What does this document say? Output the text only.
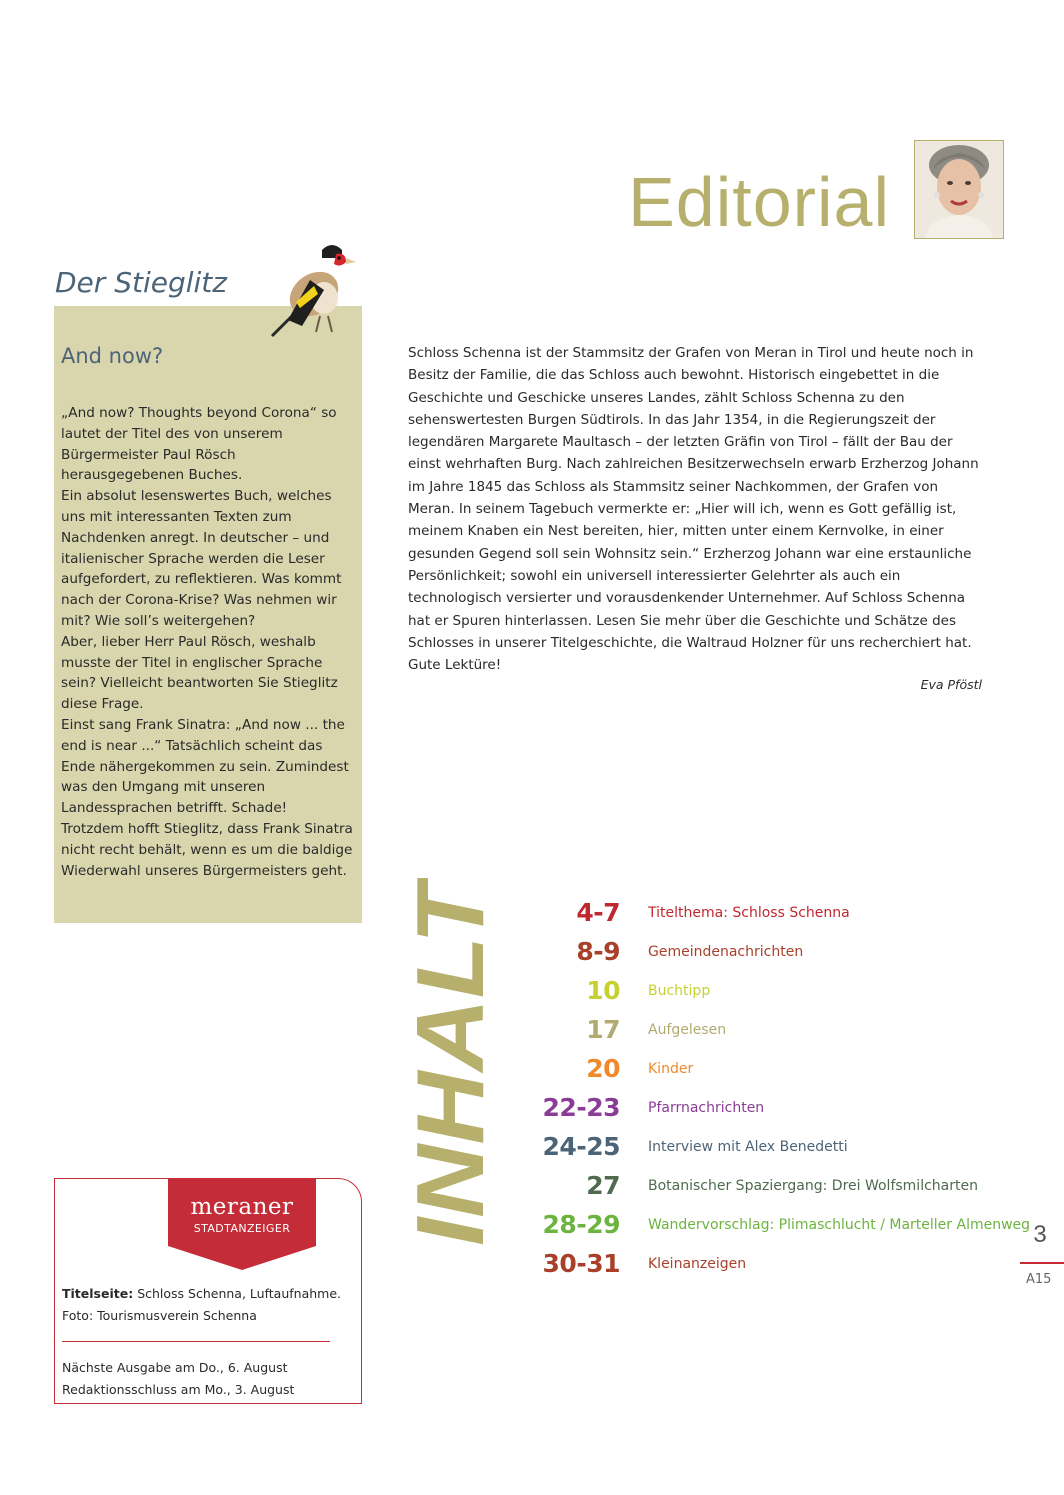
Editorial
Der Stieglitz
And now?

„And now? Thoughts beyond Corona“ so lautet der Titel des von unserem Bürgermeister Paul Rösch herausgegebenen Buches.

Ein absolut lesenswertes Buch, welches uns mit interessanten Texten zum Nachdenken anregt. In deutscher – und italienischer Sprache werden die Leser aufgefordert, zu reflektieren. Was kommt nach der Corona-Krise? Was nehmen wir mit? Wie soll’s weitergehen?

Aber, lieber Herr Paul Rösch, weshalb musste der Titel in englischer Sprache sein? Vielleicht beantworten Sie Stieglitz diese Frage.

Einst sang Frank Sinatra: „And now ... the end is near ...“ Tatsächlich scheint das Ende nähergekommen zu sein. Zumindest was den Umgang mit unseren Landessprachen betrifft. Schade!

Trotzdem hofft Stieglitz, dass Frank Sinatra nicht recht behält, wenn es um die baldige Wiederwahl unseres Bürgermeisters geht.

Schloss Schenna ist der Stammsitz der Grafen von Meran in Tirol und heute noch in Besitz der Familie, die das Schloss auch bewohnt. Historisch eingebettet in die Geschichte und Geschicke unseres Landes, zählt Schloss Schenna zu den sehenswertesten Burgen Südtirols. In das Jahr 1354, in die Regierungszeit der legendären Margarete Maultasch – der letzten Gräfin von Tirol – fällt der Bau der einst wehrhaften Burg. Nach zahlreichen Besitzerwechseln erwarb Erzherzog Johann im Jahre 1845 das Schloss als Stammsitz seiner Nachkommen, der Grafen von Meran. In seinem Tagebuch vermerkte er: „Hier will ich, wenn es Gott gefällig ist, meinem Knaben ein Nest bereiten, hier, mitten unter einem Kernvolke, in einer gesunden Gegend soll sein Wohnsitz sein.“ Erzherzog Johann war eine erstaunliche Persönlichkeit; sowohl ein universell interessierter Gelehrter als auch ein technologisch versierter und vorausdenkender Unternehmer. Auf Schloss Schenna hat er Spuren hinterlassen. Lesen Sie mehr über die Geschichte und Schätze des Schlosses in unserer Titelgeschichte, die Waltraud Holzner für uns recherchiert hat. Gute Lektüre!
Eva Pföstl
INHALT	4-7 Titelthema: Schloss Schenna
8-9 Gemeindenachrichten
10 Buchtipp
17 Aufgelesen
20 Kinder
22-23 Pfarrnachrichten
24-25 Interview mit Alex Benedetti
27 Botanischer Spaziergang: Drei Wolfsmilcharten
28-29 Wandervorschlag: Plimaschlucht / Marteller Almenweg
30-31 Kleinanzeigen
meraner
STADTANZEIGER
Titelseite: Schloss Schenna, Luftaufnahme.
Foto: Tourismusverein Schenna
Nächste Ausgabe am Do., 6. August
Redaktionsschluss am Mo., 3. August
3
A15
